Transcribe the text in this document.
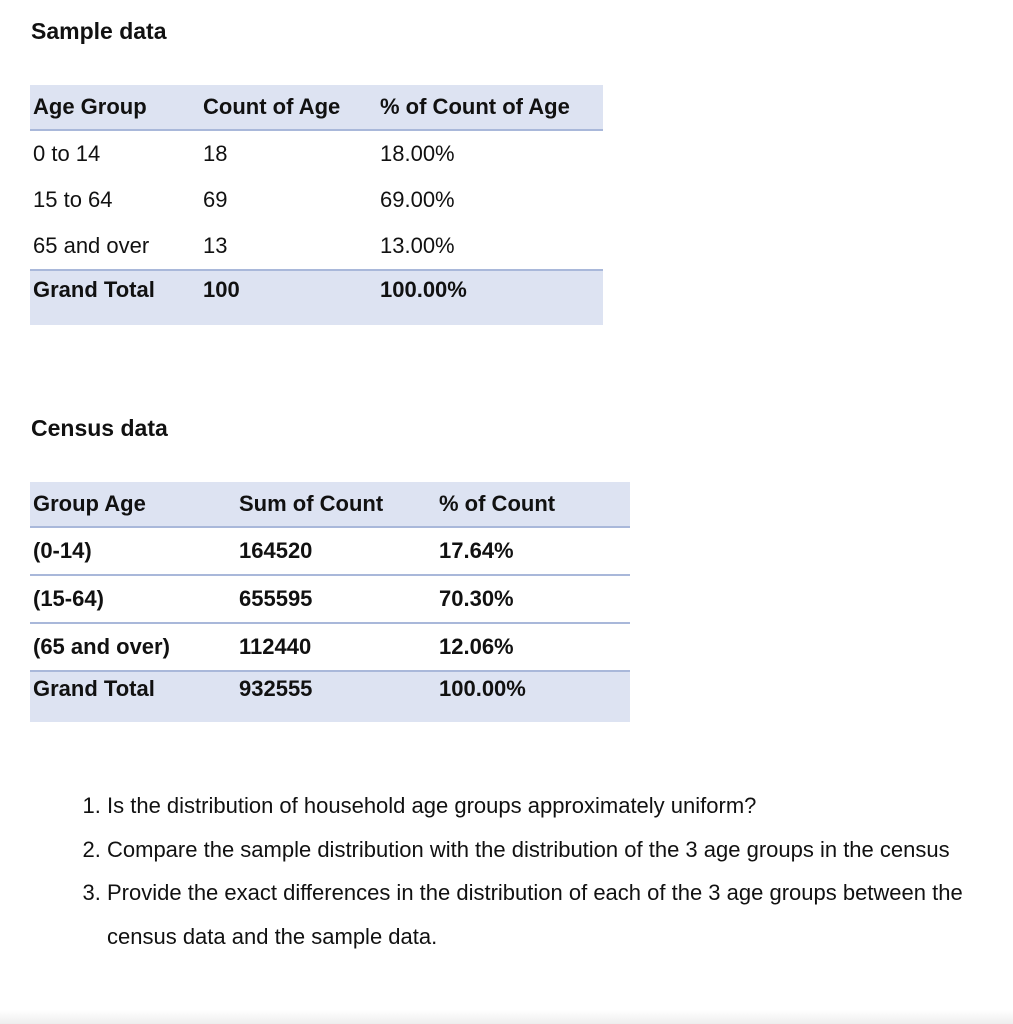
Sample data
Age Group	Count of Age	% of Count of Age
0 to 14	18	18.00%
15 to 64	69	69.00%
65 and over	13	13.00%
Grand Total	100	100.00%
Census data
Group Age	Sum of Count	% of Count
(0-14)	164520	17.64%
(15-64)	655595	70.30%
(65 and over)	112440	12.06%
Grand Total	932555	100.00%
1. Is the distribution of household age groups approximately uniform?
2. Compare the sample distribution with the distribution of the 3 age groups in the census
3. Provide the exact differences in the distribution of each of the 3 age groups between the census data and the sample data.
